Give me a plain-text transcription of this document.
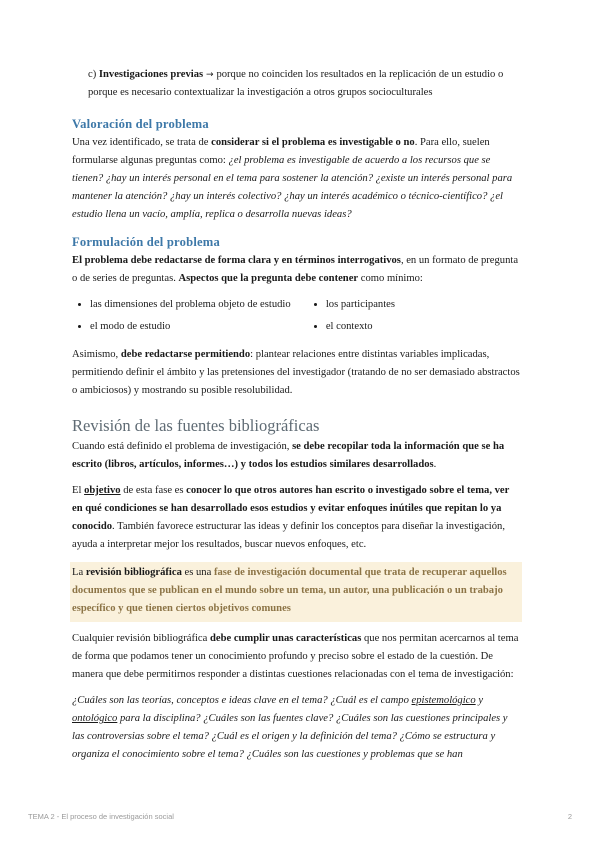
c) Investigaciones previas → porque no coinciden los resultados en la replicación de un estudio o porque es necesario contextualizar la investigación a otros grupos socioculturales

Valoración del problema

Una vez identificado, se trata de considerar si el problema es investigable o no. Para ello, suelen formularse algunas preguntas como: ¿el problema es investigable de acuerdo a los recursos que se tienen? ¿hay un interés personal en el tema para sostener la atención? ¿existe un interés personal para mantener la atención? ¿hay un interés colectivo? ¿hay un interés académico o técnico-científico? ¿el estudio llena un vacío, amplía, replica o desarrolla nuevas ideas?

Formulación del problema

El problema debe redactarse de forma clara y en términos interrogativos, en un formato de pregunta o de series de preguntas. Aspectos que la pregunta debe contener como mínimo:

• las dimensiones del problema objeto de estudio
• el modo de estudio
• los participantes
• el contexto

Asimismo, debe redactarse permitiendo: plantear relaciones entre distintas variables implicadas, permitiendo definir el ámbito y las pretensiones del investigador (tratando de no ser demasiado abstractos o ambiciosos) y mostrando su posible resolubilidad.

Revisión de las fuentes bibliográficas

Cuando está definido el problema de investigación, se debe recopilar toda la información que se ha escrito (libros, artículos, informes…) y todos los estudios similares desarrollados.

El objetivo de esta fase es conocer lo que otros autores han escrito o investigado sobre el tema, ver en qué condiciones se han desarrollado esos estudios y evitar enfoques inútiles que repitan lo ya conocido. También favorece estructurar las ideas y definir los conceptos para diseñar la investigación, ayuda a interpretar mejor los resultados, buscar nuevos enfoques, etc.

La revisión bibliográfica es una fase de investigación documental que trata de recuperar aquellos documentos que se publican en el mundo sobre un tema, un autor, una publicación o un trabajo específico y que tienen ciertos objetivos comunes

Cualquier revisión bibliográfica debe cumplir unas características que nos permitan acercarnos al tema de forma que podamos tener un conocimiento profundo y preciso sobre el estado de la cuestión. De manera que debe permitirnos responder a distintas cuestiones relacionadas con el tema de investigación:

¿Cuáles son las teorías, conceptos e ideas clave en el tema? ¿Cuál es el campo epistemológico y ontológico para la disciplina? ¿Cuáles son las fuentes clave? ¿Cuáles son las cuestiones principales y las controversias sobre el tema? ¿Cuál es el origen y la definición del tema? ¿Cómo se estructura y organiza el conocimiento sobre el tema? ¿Cuáles son las cuestiones y problemas que se han

TEMA 2 - El proceso de investigación social	2
